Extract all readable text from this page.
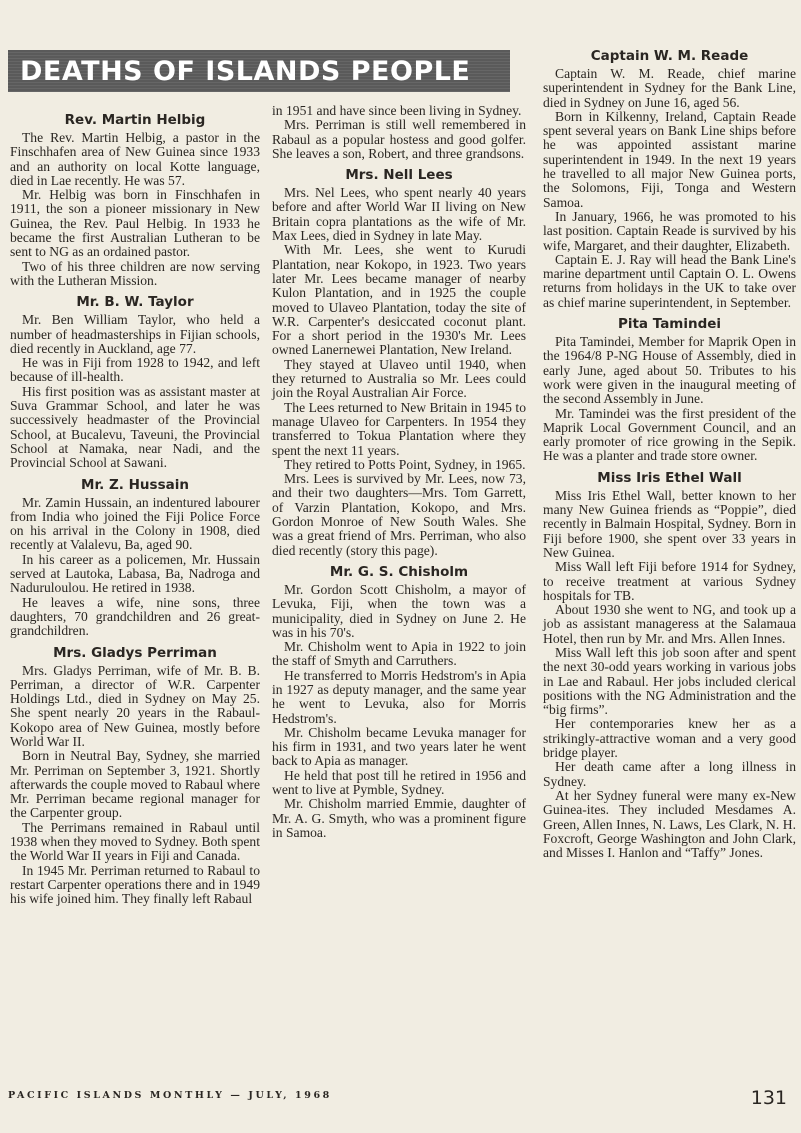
DEATHS OF ISLANDS PEOPLE
Rev. Martin Helbig

The Rev. Martin Helbig, a pastor in the Finschhafen area of New Guinea since 1933 and an authority on local Kotte language, died in Lae recently. He was 57.

Mr. Helbig was born in Finschhafen in 1911, the son a pioneer missionary in New Guinea, the Rev. Paul Helbig. In 1933 he became the first Australian Lutheran to be sent to NG as an ordained pastor.

Two of his three children are now serving with the Lutheran Mission.

Mr. B. W. Taylor

Mr. Ben William Taylor, who held a number of headmasterships in Fijian schools, died recently in Auckland, age 77.

He was in Fiji from 1928 to 1942, and left because of ill-health.

His first position was as assistant master at Suva Grammar School, and later he was successively headmaster of the Provincial School, at Bucalevu, Taveuni, the Provincial School at Namaka, near Nadi, and the Provincial School at Sawani.

Mr. Z. Hussain

Mr. Zamin Hussain, an indentured labourer from India who joined the Fiji Police Force on his arrival in the Colony in 1908, died recently at Valalevu, Ba, aged 90.

In his career as a policemen, Mr. Hussain served at Lautoka, Labasa, Ba, Nadroga and Naduruloulou. He retired in 1938.

He leaves a wife, nine sons, three daughters, 70 grandchildren and 26 great-grandchildren.

Mrs. Gladys Perriman

Mrs. Gladys Perriman, wife of Mr. B. B. Perriman, a director of W.R. Carpenter Holdings Ltd., died in Sydney on May 25. She spent nearly 20 years in the Rabaul-Kokopo area of New Guinea, mostly before World War II.

Born in Neutral Bay, Sydney, she married Mr. Perriman on September 3, 1921. Shortly afterwards the couple moved to Rabaul where Mr. Perriman became regional manager for the Carpenter group.

The Perrimans remained in Rabaul until 1938 when they moved to Sydney. Both spent the World War II years in Fiji and Canada.

In 1945 Mr. Perriman returned to Rabaul to restart Carpenter operations there and in 1949 his wife joined him. They finally left Rabaul

in 1951 and have since been living in Sydney.

Mrs. Perriman is still well remembered in Rabaul as a popular hostess and good golfer. She leaves a son, Robert, and three grandsons.

Mrs. Nell Lees

Mrs. Nel Lees, who spent nearly 40 years before and after World War II living on New Britain copra plantations as the wife of Mr. Max Lees, died in Sydney in late May.

With Mr. Lees, she went to Kurudi Plantation, near Kokopo, in 1923. Two years later Mr. Lees became manager of nearby Kulon Plantation, and in 1925 the couple moved to Ulaveo Plantation, today the site of W.R. Carpenter's desiccated coconut plant. For a short period in the 1930's Mr. Lees owned Lanernewei Plantation, New Ireland.

They stayed at Ulaveo until 1940, when they returned to Australia so Mr. Lees could join the Royal Australian Air Force.

The Lees returned to New Britain in 1945 to manage Ulaveo for Carpenters. In 1954 they transferred to Tokua Plantation where they spent the next 11 years.

They retired to Potts Point, Sydney, in 1965.

Mrs. Lees is survived by Mr. Lees, now 73, and their two daughters—Mrs. Tom Garrett, of Varzin Plantation, Kokopo, and Mrs. Gordon Monroe of New South Wales. She was a great friend of Mrs. Perriman, who also died recently (story this page).

Mr. G. S. Chisholm

Mr. Gordon Scott Chisholm, a mayor of Levuka, Fiji, when the town was a municipality, died in Sydney on June 2. He was in his 70's.

Mr. Chisholm went to Apia in 1922 to join the staff of Smyth and Carruthers.

He transferred to Morris Hedstrom's in Apia in 1927 as deputy manager, and the same year he went to Levuka, also for Morris Hedstrom's.

Mr. Chisholm became Levuka manager for his firm in 1931, and two years later he went back to Apia as manager.

He held that post till he retired in 1956 and went to live at Pymble, Sydney.

Mr. Chisholm married Emmie, daughter of Mr. A. G. Smyth, who was a prominent figure in Samoa.

Captain W. M. Reade

Captain W. M. Reade, chief marine superintendent in Sydney for the Bank Line, died in Sydney on June 16, aged 56.

Born in Kilkenny, Ireland, Captain Reade spent several years on Bank Line ships before he was appointed assistant marine superintendent in 1949. In the next 19 years he travelled to all major New Guinea ports, the Solomons, Fiji, Tonga and Western Samoa.

In January, 1966, he was promoted to his last position. Captain Reade is survived by his wife, Margaret, and their daughter, Elizabeth.

Captain E. J. Ray will head the Bank Line's marine department until Captain O. L. Owens returns from holidays in the UK to take over as chief marine superintendent, in September.

Pita Tamindei

Pita Tamindei, Member for Maprik Open in the 1964/8 P-NG House of Assembly, died in early June, aged about 50. Tributes to his work were given in the inaugural meeting of the second Assembly in June.

Mr. Tamindei was the first president of the Maprik Local Government Council, and an early promoter of rice growing in the Sepik. He was a planter and trade store owner.

Miss Iris Ethel Wall

Miss Iris Ethel Wall, better known to her many New Guinea friends as “Poppie”, died recently in Balmain Hospital, Sydney. Born in Fiji before 1900, she spent over 33 years in New Guinea.

Miss Wall left Fiji before 1914 for Sydney, to receive treatment at various Sydney hospitals for TB.

About 1930 she went to NG, and took up a job as assistant manageress at the Salamaua Hotel, then run by Mr. and Mrs. Allen Innes.

Miss Wall left this job soon after and spent the next 30-odd years working in various jobs in Lae and Rabaul. Her jobs included clerical positions with the NG Administration and the “big firms”.

Her contemporaries knew her as a strikingly-attractive woman and a very good bridge player.

Her death came after a long illness in Sydney.

At her Sydney funeral were many ex-New Guinea-ites. They included Mesdames A. Green, Allen Innes, N. Laws, Les Clark, N. H. Foxcroft, George Washington and John Clark, and Misses I. Hanlon and “Taffy” Jones.

PACIFIC ISLANDS MONTHLY — JULY, 1968	131
